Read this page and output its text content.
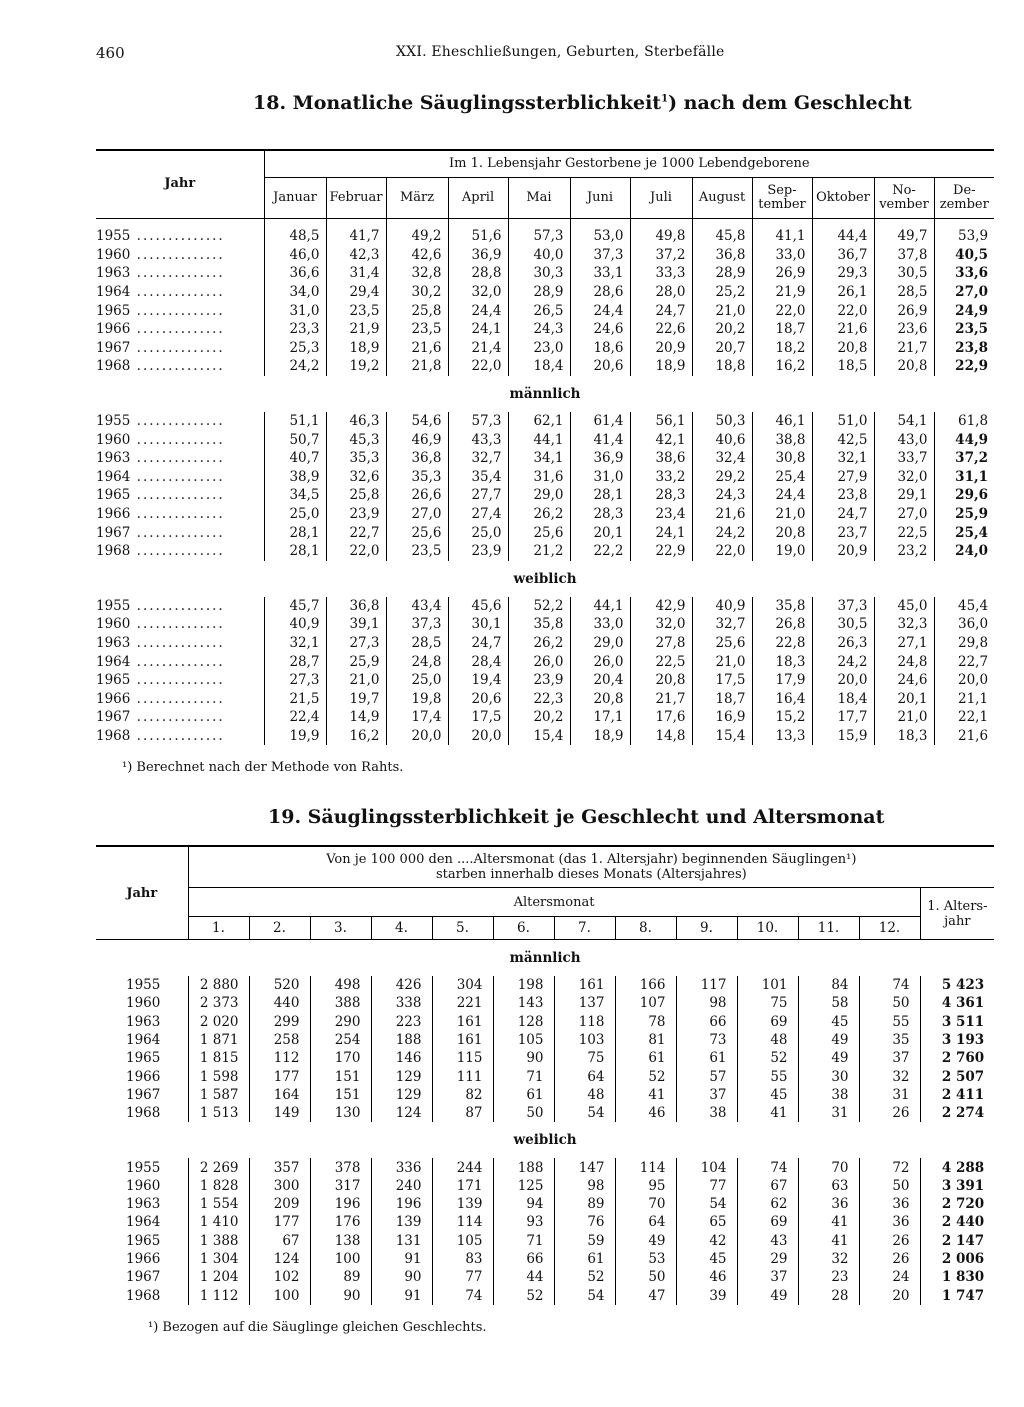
460	XXI. Eheschließungen, Geburten, Sterbefälle
18. Monatliche Säuglingssterblichkeit$^1$) nach dem Geschlecht
Jahr	Im 1. Lebensjahr Gestorbene je 1000 Lebendgeborene											
	Januar	Februar	März	April	Mai	Juni	Juli	August	Sep-
tember	Oktober	No-
vember	De-
zember
1955 ..............	48,5	41,7	49,2	51,6	57,3	53,0	49,8	45,8	41,1	44,4	49,7	53,9
1960 ..............	46,0	42,3	42,6	36,9	40,0	37,3	37,2	36,8	33,0	36,7	37,8	40,5
1963 ..............	36,6	31,4	32,8	28,8	30,3	33,1	33,3	28,9	26,9	29,3	30,5	33,6
1964 ..............	34,0	29,4	30,2	32,0	28,9	28,6	28,0	25,2	21,9	26,1	28,5	27,0
1965 ..............	31,0	23,5	25,8	24,4	26,5	24,4	24,7	21,0	22,0	22,0	26,9	24,9
1966 ..............	23,3	21,9	23,5	24,1	24,3	24,6	22,6	20,2	18,7	21,6	23,6	23,5
1967 ..............	25,3	18,9	21,6	21,4	23,0	18,6	20,9	20,7	18,2	20,8	21,7	23,8
1968 ..............	24,2	19,2	21,8	22,0	18,4	20,6	18,9	18,8	16,2	18,5	20,8	22,9
männlich												
1955 ..............	51,1	46,3	54,6	57,3	62,1	61,4	56,1	50,3	46,1	51,0	54,1	61,8
1960 ..............	50,7	45,3	46,9	43,3	44,1	41,4	42,1	40,6	38,8	42,5	43,0	44,9
1963 ..............	40,7	35,3	36,8	32,7	34,1	36,9	38,6	32,4	30,8	32,1	33,7	37,2
1964 ..............	38,9	32,6	35,3	35,4	31,6	31,0	33,2	29,2	25,4	27,9	32,0	31,1
1965 ..............	34,5	25,8	26,6	27,7	29,0	28,1	28,3	24,3	24,4	23,8	29,1	29,6
1966 ..............	25,0	23,9	27,0	27,4	26,2	28,3	23,4	21,6	21,0	24,7	27,0	25,9
1967 ..............	28,1	22,7	25,6	25,0	25,6	20,1	24,1	24,2	20,8	23,7	22,5	25,4
1968 ..............	28,1	22,0	23,5	23,9	21,2	22,2	22,9	22,0	19,0	20,9	23,2	24,0
weiblich												
1955 ..............	45,7	36,8	43,4	45,6	52,2	44,1	42,9	40,9	35,8	37,3	45,0	45,4
1960 ..............	40,9	39,1	37,3	30,1	35,8	33,0	32,0	32,7	26,8	30,5	32,3	36,0
1963 ..............	32,1	27,3	28,5	24,7	26,2	29,0	27,8	25,6	22,8	26,3	27,1	29,8
1964 ..............	28,7	25,9	24,8	28,4	26,0	26,0	22,5	21,0	18,3	24,2	24,8	22,7
1965 ..............	27,3	21,0	25,0	19,4	23,9	20,4	20,8	17,5	17,9	20,0	24,6	20,0
1966 ..............	21,5	19,7	19,8	20,6	22,3	20,8	21,7	18,7	16,4	18,4	20,1	21,1
1967 ..............	22,4	14,9	17,4	17,5	20,2	17,1	17,6	16,9	15,2	17,7	21,0	22,1
1968 ..............	19,9	16,2	20,0	20,0	15,4	18,9	14,8	15,4	13,3	15,9	18,3	21,6
¹) Berechnet nach der Methode von Rahts.
19. Säuglingssterblichkeit je Geschlecht und Altersmonat
Jahr	Von je 100 000 den ....Altersmonat (das 1. Altersjahr) beginnenden Säuglingen¹)
starben innerhalb dieses Monats (Altersjahres)												
	Altersmonat												1. Alters-
jahr
	1.	2.	3.	4.	5.	6.	7.	8.	9.	10.	11.	12.	
männlich													
1955	2 880	520	498	426	304	198	161	166	117	101	84	74	5 423
1960	2 373	440	388	338	221	143	137	107	98	75	58	50	4 361
1963	2 020	299	290	223	161	128	118	78	66	69	45	55	3 511
1964	1 871	258	254	188	161	105	103	81	73	48	49	35	3 193
1965	1 815	112	170	146	115	90	75	61	61	52	49	37	2 760
1966	1 598	177	151	129	111	71	64	52	57	55	30	32	2 507
1967	1 587	164	151	129	82	61	48	41	37	45	38	31	2 411
1968	1 513	149	130	124	87	50	54	46	38	41	31	26	2 274
weiblich													
1955	2 269	357	378	336	244	188	147	114	104	74	70	72	4 288
1960	1 828	300	317	240	171	125	98	95	77	67	63	50	3 391
1963	1 554	209	196	196	139	94	89	70	54	62	36	36	2 720
1964	1 410	177	176	139	114	93	76	64	65	69	41	36	2 440
1965	1 388	67	138	131	105	71	59	49	42	43	41	26	2 147
1966	1 304	124	100	91	83	66	61	53	45	29	32	26	2 006
1967	1 204	102	89	90	77	44	52	50	46	37	23	24	1 830
1968	1 112	100	90	91	74	52	54	47	39	49	28	20	1 747
¹) Bezogen auf die Säuglinge gleichen Geschlechts.
